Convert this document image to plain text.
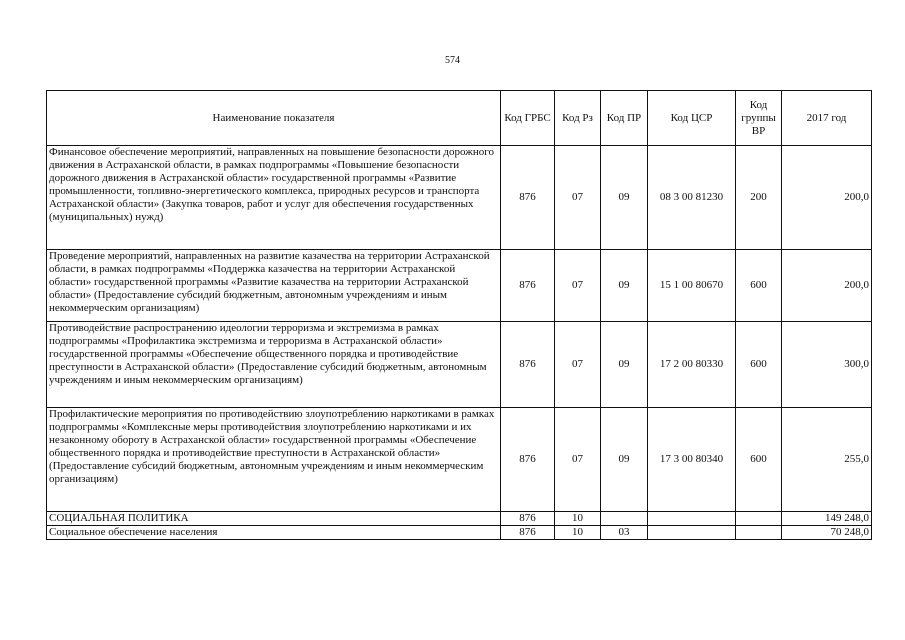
574
Наименование показателя	Код ГРБС	Код Рз	Код ПР	Код ЦСР	Код группы ВР	2017 год
Финансовое обеспечение мероприятий, направленных на повышение безопасности дорожного движения в Астраханской области, в рамках подпрограммы «Повышение безопасности дорожного движения в Астраханской области» государственной программы «Развитие промышленности, топливно-энергетического комплекса, природных ресурсов и транспорта Астраханской области» (Закупка товаров, работ и услуг для обеспечения государственных (муниципальных) нужд)	876	07	09	08 3 00 81230	200	200,0
Проведение мероприятий, направленных на развитие казачества на территории Астраханской области, в рамках подпрограммы «Поддержка казачества на территории Астраханской области» государственной программы «Развитие казачества на территории Астраханской области» (Предоставление субсидий бюджетным, автономным учреждениям и иным некоммерческим организациям)	876	07	09	15 1 00 80670	600	200,0
Противодействие распространению идеологии терроризма и экстремизма в рамках подпрограммы «Профилактика экстремизма и терроризма в Астраханской области» государственной программы «Обеспечение общественного порядка и противодействие преступности в Астраханской области» (Предоставление субсидий бюджетным, автономным учреждениям и иным некоммерческим организациям)	876	07	09	17 2 00 80330	600	300,0
Профилактические мероприятия по противодействию злоупотреблению наркотиками в рамках подпрограммы «Комплексные меры противодействия злоупотреблению наркотиками и их незаконному обороту в Астраханской области» государственной программы «Обеспечение общественного порядка и противодействие преступности в Астраханской области» (Предоставление субсидий бюджетным, автономным учреждениям и иным некоммерческим организациям)	876	07	09	17 3 00 80340	600	255,0
СОЦИАЛЬНАЯ ПОЛИТИКА	876	10				149 248,0
Социальное обеспечение населения	876	10	03			70 248,0
